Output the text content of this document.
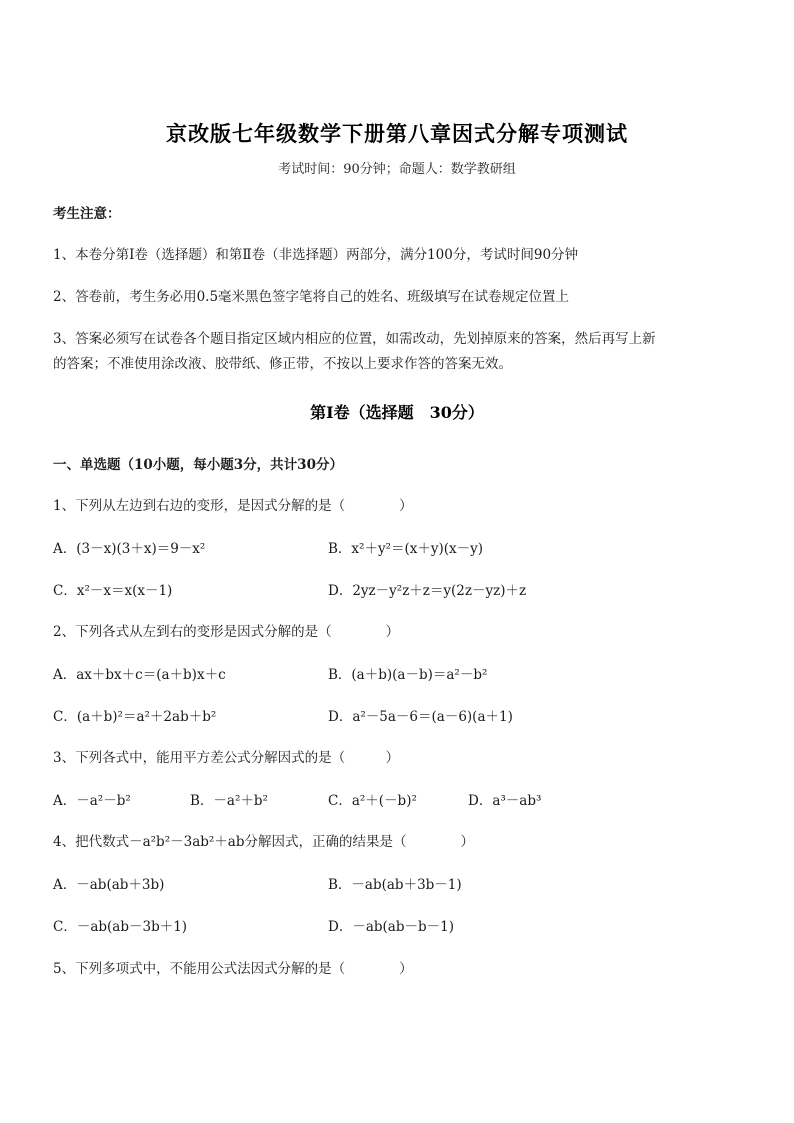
京改版七年级数学下册第八章因式分解专项测试
考试时间：90分钟；命题人：数学教研组
考生注意：
1、本卷分第Ⅰ卷（选择题）和第Ⅱ卷（非选择题）两部分，满分100分，考试时间90分钟
2、答卷前，考生务必用0.5毫米黑色签字笔将自己的姓名、班级填写在试卷规定位置上
3、答案必须写在试卷各个题目指定区域内相应的位置，如需改动，先划掉原来的答案，然后再写上新
的答案；不准使用涂改液、胶带纸、修正带，不按以上要求作答的答案无效。
第Ⅰ卷（选择题　30分）
一、单选题（10小题，每小题3分，共计30分）
1、下列从左边到右边的变形，是因式分解的是（　　　　）
A．(3－x)(3＋x)＝9－x²	B．x²＋y²＝(x＋y)(x－y)
C．x²－x＝x(x－1)	D．2yz－y²z＋z＝y(2z－yz)＋z
2、下列各式从左到右的变形是因式分解的是（　　　　）
A．ax＋bx＋c＝(a＋b)x＋c	B．(a＋b)(a－b)＝a²－b²
C．(a＋b)²＝a²＋2ab＋b²	D．a²－5a－6＝(a－6)(a＋1)
3、下列各式中，能用平方差公式分解因式的是（　　　）
A．－a²－b²	B．－a²＋b²	C．a²＋(－b)²	D．a³－ab³
4、把代数式－a²b²－3ab²＋ab分解因式，正确的结果是（　　　　）
A．－ab(ab＋3b)	B．－ab(ab＋3b－1)
C．－ab(ab－3b＋1)	D．－ab(ab－b－1)
5、下列多项式中，不能用公式法因式分解的是（　　　　）
